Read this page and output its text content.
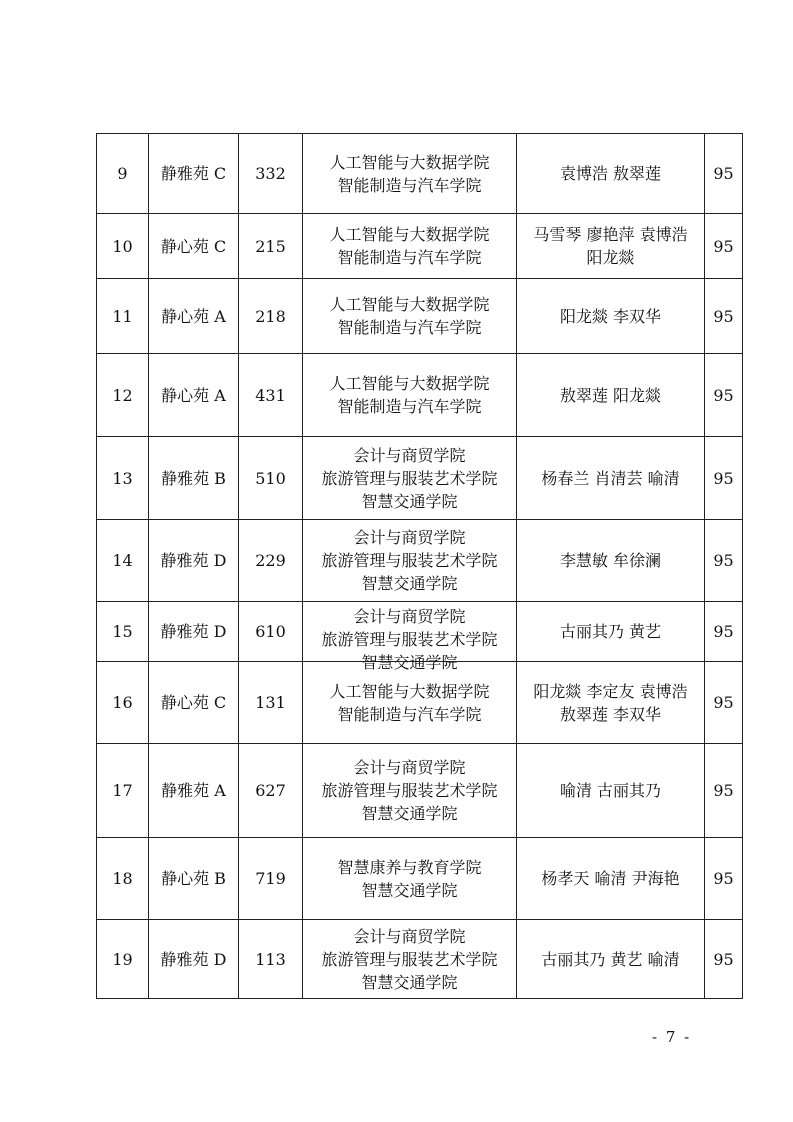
9	静雅苑 C	332	人工智能与大数据学院
智能制造与汽车学院	袁博浩 敖翠莲	95
10	静心苑 C	215	人工智能与大数据学院
智能制造与汽车学院	马雪琴 廖艳萍 袁博浩
阳龙燚	95
11	静心苑 A	218	人工智能与大数据学院
智能制造与汽车学院	阳龙燚 李双华	95
12	静心苑 A	431	人工智能与大数据学院
智能制造与汽车学院	敖翠莲 阳龙燚	95
13	静雅苑 B	510	会计与商贸学院
旅游管理与服装艺术学院
智慧交通学院	杨春兰 肖清芸 喻清	95
14	静雅苑 D	229	会计与商贸学院
旅游管理与服装艺术学院
智慧交通学院	李慧敏 牟徐澜	95
15	静雅苑 D	610	会计与商贸学院
旅游管理与服装艺术学院
智慧交通学院	古丽其乃 黄艺	95
16	静心苑 C	131	人工智能与大数据学院
智能制造与汽车学院	阳龙燚 李定友 袁博浩
敖翠莲 李双华	95
17	静雅苑 A	627	会计与商贸学院
旅游管理与服装艺术学院
智慧交通学院	喻清 古丽其乃	95
18	静心苑 B	719	智慧康养与教育学院
智慧交通学院	杨孝天 喻清 尹海艳	95
19	静雅苑 D	113	会计与商贸学院
旅游管理与服装艺术学院
智慧交通学院	古丽其乃 黄艺 喻清	95
- 7 -
